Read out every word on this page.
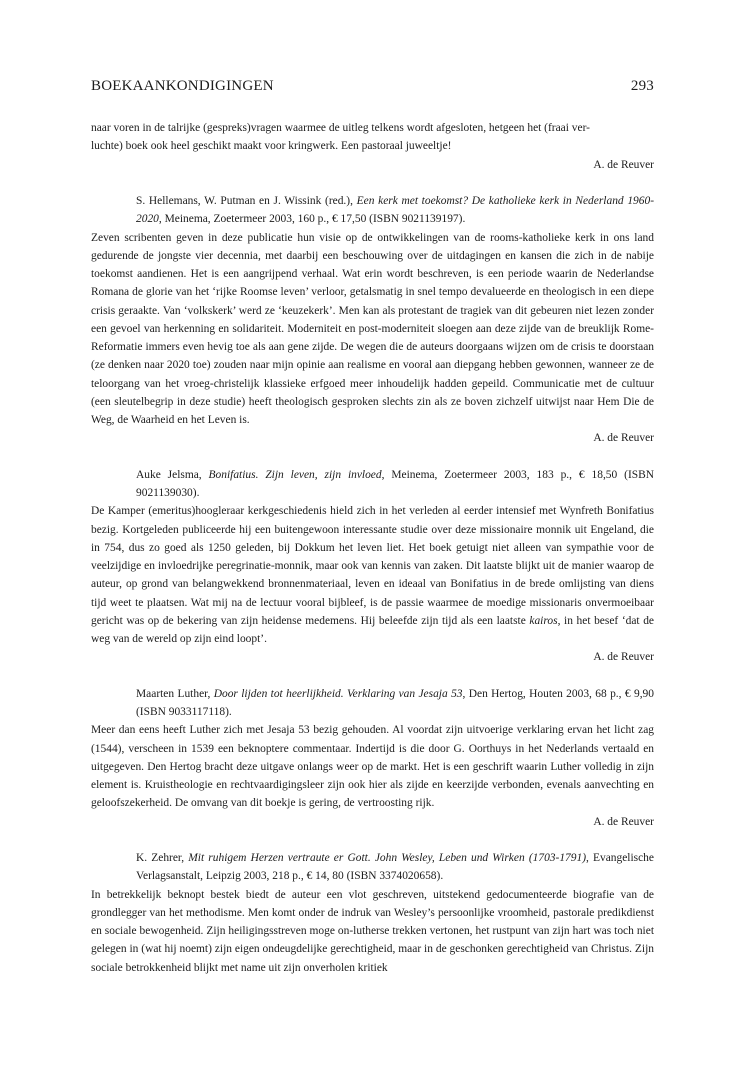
BOEKAANKONDIGINGEN	293

naar voren in de talrijke (gespreks)vragen waarmee de uitleg telkens wordt afgesloten, hetgeen het (fraai ver-
luchte) boek ook heel geschikt maakt voor kringwerk. Een pastoraal juweeltje!

A. de Reuver

S. Hellemans, W. Putman en J. Wissink (red.), Een kerk met toekomst? De katholieke kerk in Nederland 1960-2020, Meinema, Zoetermeer 2003, 160 p., € 17,50 (ISBN 9021139197).

Zeven scribenten geven in deze publicatie hun visie op de ontwikkelingen van de rooms-katholieke kerk in ons land gedurende de jongste vier decennia, met daarbij een beschouwing over de uitdagingen en kansen die zich in de nabije toekomst aandienen. Het is een aangrijpend verhaal. Wat erin wordt beschreven, is een periode waarin de Nederlandse Romana de glorie van het ‘rijke Roomse leven’ verloor, getalsmatig in snel tempo devalueerde en theologisch in een diepe crisis geraakte. Van ‘volkskerk’ werd ze ‘keuzekerk’. Men kan als protestant de tragiek van dit gebeuren niet lezen zonder een gevoel van herkenning en solidariteit. Moderniteit en post-moderniteit sloegen aan deze zijde van de breuklijk Rome-Reformatie immers even hevig toe als aan gene zijde. De wegen die de auteurs doorgaans wijzen om de crisis te doorstaan (ze denken naar 2020 toe) zouden naar mijn opinie aan realisme en vooral aan diepgang hebben gewonnen, wanneer ze de teloorgang van het vroeg-christelijk klassieke erfgoed meer inhoudelijk hadden gepeild. Communicatie met de cultuur (een sleutelbegrip in deze studie) heeft theologisch gesproken slechts zin als ze boven zichzelf uitwijst naar Hem Die de Weg, de Waarheid en het Leven is.

A. de Reuver

Auke Jelsma, Bonifatius. Zijn leven, zijn invloed, Meinema, Zoetermeer 2003, 183 p., € 18,50 (ISBN 9021139030).

De Kamper (emeritus)hoogleraar kerkgeschiedenis hield zich in het verleden al eerder intensief met Wynfreth Bonifatius bezig. Kortgeleden publiceerde hij een buitengewoon interessante studie over deze missionaire monnik uit Engeland, die in 754, dus zo goed als 1250 geleden, bij Dokkum het leven liet. Het boek getuigt niet alleen van sympathie voor de veelzijdige en invloedrijke peregrinatie-monnik, maar ook van kennis van zaken. Dit laatste blijkt uit de manier waarop de auteur, op grond van belangwekkend bronnenmateriaal, leven en ideaal van Bonifatius in de brede omlijsting van diens tijd weet te plaatsen. Wat mij na de lectuur vooral bijbleef, is de passie waarmee de moedige missionaris onvermoeibaar gericht was op de bekering van zijn heidense medemens. Hij beleefde zijn tijd als een laatste kairos, in het besef ‘dat de weg van de wereld op zijn eind loopt’.

A. de Reuver

Maarten Luther, Door lijden tot heerlijkheid. Verklaring van Jesaja 53, Den Hertog, Houten 2003, 68 p., € 9,90 (ISBN 9033117118).

Meer dan eens heeft Luther zich met Jesaja 53 bezig gehouden. Al voordat zijn uitvoerige verklaring ervan het licht zag (1544), verscheen in 1539 een beknoptere commentaar. Indertijd is die door G. Oorthuys in het Nederlands vertaald en uitgegeven. Den Hertog bracht deze uitgave onlangs weer op de markt. Het is een geschrift waarin Luther volledig in zijn element is. Kruistheologie en rechtvaardigingsleer zijn ook hier als zijde en keerzijde verbonden, evenals aanvechting en geloofszekerheid. De omvang van dit boekje is gering, de vertroosting rijk.

A. de Reuver

K. Zehrer, Mit ruhigem Herzen vertraute er Gott. John Wesley, Leben und Wirken (1703-1791), Evangelische Verlagsanstalt, Leipzig 2003, 218 p., € 14, 80 (ISBN 3374020658).

In betrekkelijk beknopt bestek biedt de auteur een vlot geschreven, uitstekend gedocumenteerde biografie van de grondlegger van het methodisme. Men komt onder de indruk van Wesley’s persoonlijke vroomheid, pastorale predikdienst en sociale bewogenheid. Zijn heiligingsstreven moge on-lutherse trekken vertonen, het rustpunt van zijn hart was toch niet gelegen in (wat hij noemt) zijn eigen ondeugdelijke gerechtigheid, maar in de geschonken gerechtigheid van Christus. Zijn sociale betrokkenheid blijkt met name uit zijn onverholen kritiek
